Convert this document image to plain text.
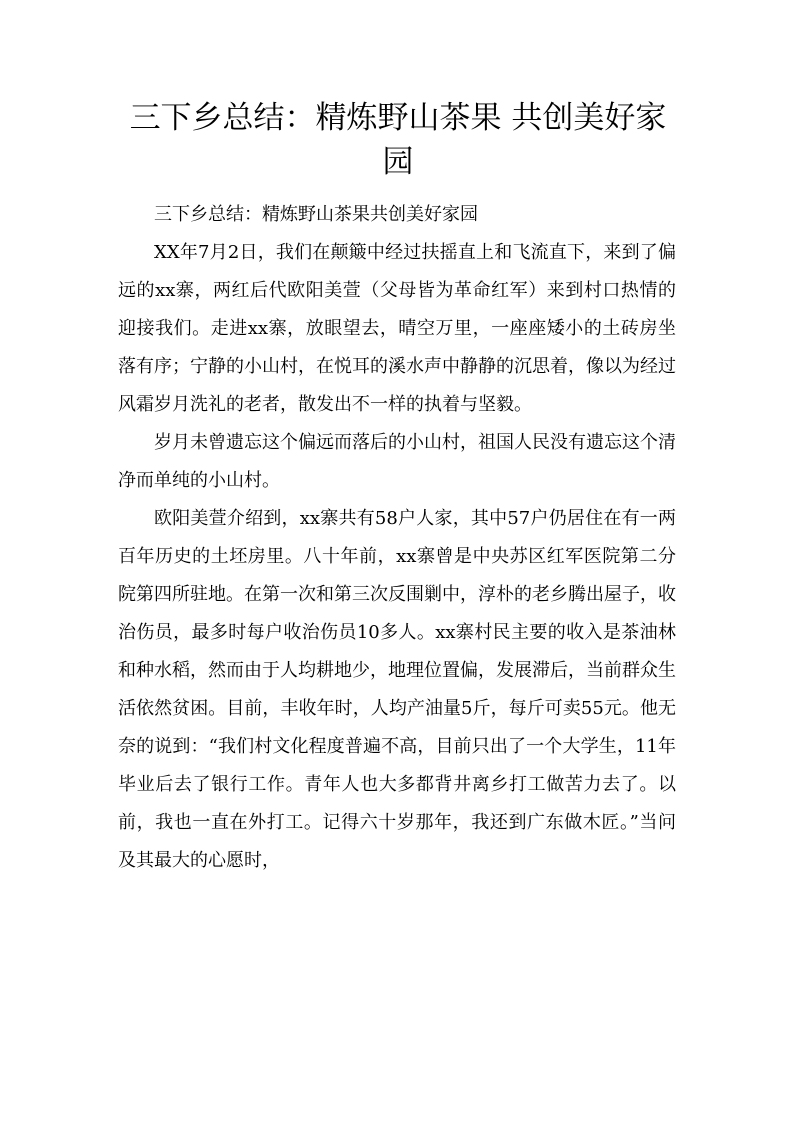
三下乡总结：精炼野山茶果 共创美好家园

三下乡总结：精炼野山茶果共创美好家园

XX年7月2日，我们在颠簸中经过扶摇直上和飞流直下，来到了偏远的xx寨，两红后代欧阳美萱（父母皆为革命红军）来到村口热情的迎接我们。走进xx寨，放眼望去，晴空万里，一座座矮小的土砖房坐落有序；宁静的小山村，在悦耳的溪水声中静静的沉思着，像以为经过风霜岁月洗礼的老者，散发出不一样的执着与坚毅。

岁月未曾遗忘这个偏远而落后的小山村，祖国人民没有遗忘这个清净而单纯的小山村。

欧阳美萱介绍到，xx寨共有58户人家，其中57户仍居住在有一两百年历史的土坯房里。八十年前，xx寨曾是中央苏区红军医院第二分院第四所驻地。在第一次和第三次反围剿中，淳朴的老乡腾出屋子，收治伤员，最多时每户收治伤员10多人。xx寨村民主要的收入是茶油林和种水稻，然而由于人均耕地少，地理位置偏，发展滞后，当前群众生活依然贫困。目前，丰收年时，人均产油量5斤，每斤可卖55元。他无奈的说到：“我们村文化程度普遍不高，目前只出了一个大学生，11年毕业后去了银行工作。青年人也大多都背井离乡打工做苦力去了。以前，我也一直在外打工。记得六十岁那年，我还到广东做木匠。”当问及其最大的心愿时，
